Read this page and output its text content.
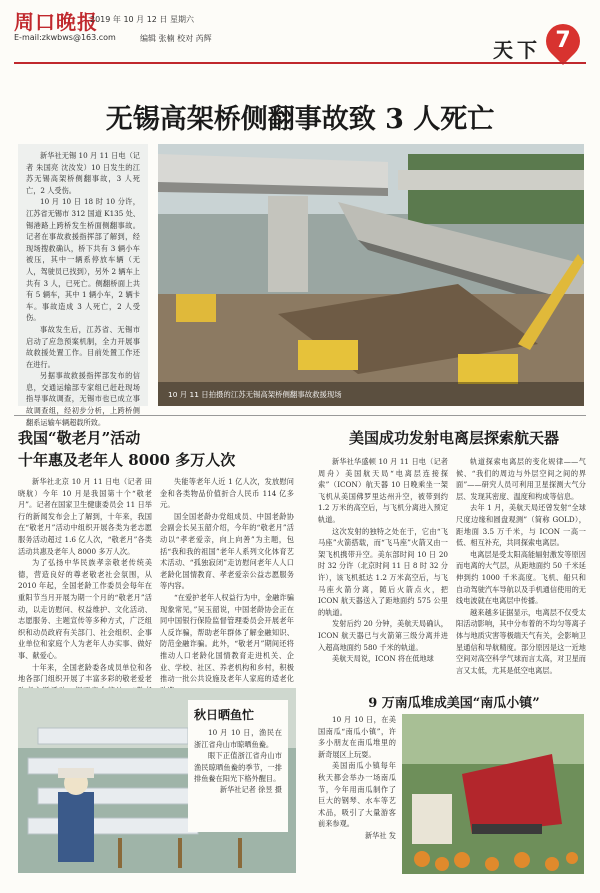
周口晚报
2019 年 10 月 12 日 星期六
E-mail:zkwbws@163.com	编辑 张楠 校对 芮辉	天下 7
无锡高架桥侧翻事故致 3 人死亡

新华社无锡 10 月 11 日电（记者 朱国亮 沈汝发）10 日发生的江苏无锡高架桥侧翻事故，3 人死亡，2 人受伤。

10 月 10 日 18 时 10 分许，江苏省无锡市 312 国道 K135 处、锡港路上跨桥发生桥面侧翻事故。记者在事故救援指挥部了解到，经现场搜救确认，桥下共有 3 辆小车被压，其中一辆系停放车辆（无人，驾驶员已找到），另外 2 辆车上共有 3 人，已死亡。侧翻桥面上共有 5 辆车，其中 1 辆小车，2 辆卡车。事故造成 3 人死亡，2 人受伤。

事故发生后，江苏省、无锡市启动了应急预案机制，全力开展事故救援处置工作。目前处置工作还在进行。

另据事故救援指挥部发布的信息，交通运输部专家组已赶赴现场指导事故调查，无锡市也已成立事故调查组，经初步分析，上跨桥侧翻系运输车辆超载所致。

10 月 11 日拍摄的江苏无锡高架桥侧翻事故救援现场
我国“敬老月”活动
十年惠及老年人 8000 多万人次

新华社北京 10 月 11 日电（记者 田晓航）今年 10 月是我国第十个“敬老月”。记者在国家卫生健康委员会 11 日举行的新闻发布会上了解到，十年来，我国在“敬老月”活动中组织开展各类为老志愿服务活动超过 1.6 亿人次，“敬老月”各类活动共惠及老年人 8000 多万人次。

为了弘扬中华民族孝亲敬老传统美德，营造良好的尊老敬老社会氛围，从 2010 年起，全国老龄工作委员会每年在重阳节当月开展为期一个月的“敬老月”活动，以走访慰问、权益维护、文化活动、志愿服务、主题宣传等多种方式，广泛组织和动员政府有关部门、社会组织、企事业单位和家庭个人为老年人办实事、做好事、献爱心。

十年来，全国老龄委各成员单位和各地各部门组织开展了丰富多彩的敬老爱老

失能等老年人近 1 亿人次，发放慰问金和各类物品价值折合人民币 114 亿多元。

国全国老龄办党组成员、中国老龄协会副会长吴玉韶介绍，今年的“敬老月”活动以“孝老爱亲，向上向善”为主题，包括“我和我的祖国”老年人系列文化体育艺术活动、“孤独寂闭”走访慰问老年人人口老龄化国情教育、孝老爱亲公益志愿服务等内容。

“在爱护老年人权益行为中，金融诈骗现象常见，”吴玉韶说，中国老龄协会正在同中国银行保险监督管理委员会开展老年人反诈骗，帮助老年群体了解金融知识、防范金融诈骗。此外，“敬老月”期间还将推动人口老龄化国情教育走进机关、企业、学校、社区、养老机构和乡村，积极推动一批公共设施及老年人家庭的适老化

美国成功发射电离层探索航天器

新华社华盛顿 10 月 11 日电（记者 周舟）美国航天局“电离层连接探索”（ICON）航天器 10 日晚乘坐一架飞机从美国佛罗里达州升空，被带到约 1.2 万米的高空后，与飞机分离进入预定轨道。

这次发射的独特之处在于，它由“飞马座”火箭搭载，而“飞马座”火箭又由一架飞机携带升空。美东部时间 10 日 20 时 32 分许（北京时间 11 日 8 时 32 分许），该飞机抵达 1.2 万米高空后，与飞马座火箭分离，随后火箭点火，把 ICON 航天器送入了距地面约 575 公里的轨道。

发射后约 20 分钟，美航天局确认，ICON 航天器已与火箭第三级分离并进入超高地面约 580 千米的轨道。

美航天局说，ICON 将在低地球

轨道探索电离层的变化规律——气候、“我们的周边与外层空间之间的界面”——研究人员可利用卫星探测大气分层、发现其密度、温度和构成等信息。

去年 1 月，美航天局还曾发射“全球尺度边缘和圆盘观测”（简称 GOLD），距地面 3.5 万千米，与 ICON 一高一低、相互补充，共同探索电离层。

电离层是受太阳高能辐射激发等原因而电离的大气层，从距地面约 50 千米延伸到约 1000 千米高度。飞机、船只和自动驾驶汽车导航以及手机通信使用的无线电波就在电离层中传播。

越来越多证据显示，电离层不仅受太阳活动影响，其中分布着的不均匀等离子体与地质灾害等极端天气有关，会影响卫星通信和导航精度。部分原因是这一近地空间对高空科学气球而言太高，对卫星而言又太低，尤其是低空电离层。

秋日晒鱼忙

10 月 10 日，渔民在浙江省舟山市晾晒鱼鲞。

眼下正值浙江省舟山市渔民晾晒鱼鲞的季节，一排排鱼鲞在阳光下格外醒目。

新华社记者 徐昱 摄
9 万南瓜堆成美国“南瓜小镇”

10 月 10 日，在美国南瓜“南瓜小镇”，许多小朋友在南瓜堆里的新奇展区上玩耍。

美国南瓜小镇每年秋天都会举办一场南瓜节，今年用南瓜制作了巨大的钢琴、水车等艺术品，吸引了大量游客前来参观。

新华社 发
